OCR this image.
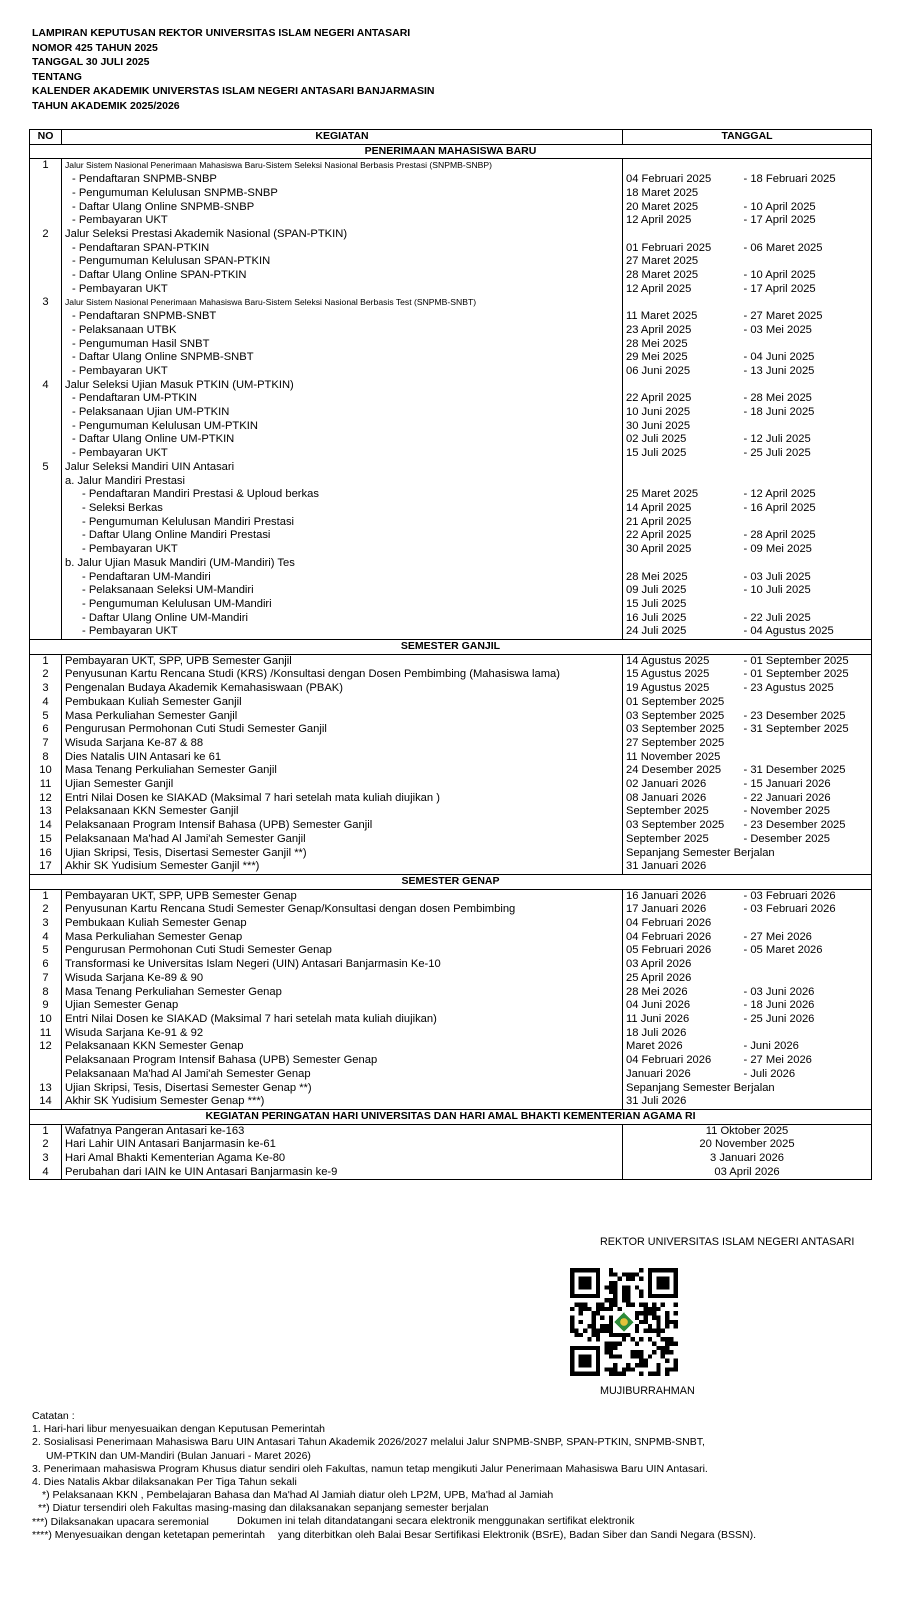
LAMPIRAN KEPUTUSAN REKTOR UNIVERSITAS ISLAM NEGERI ANTASARI
NOMOR 425 TAHUN 2025
TANGGAL 30 JULI 2025
TENTANG
KALENDER AKADEMIK UNIVERSTAS ISLAM NEGERI ANTASARI BANJARMASIN
TAHUN AKADEMIK 2025/2026
NO	KEGIATAN	TANGGAL	
PENERIMAAN MAHASISWA BARU			
1	Jalur Sistem Nasional Penerimaan Mahasiswa Baru-Sistem Seleksi Nasional Berbasis Prestasi (SNPMB-SNBP)		
	- Pendaftaran SNPMB-SNBP	04 Februari 2025	- 18 Februari 2025
	- Pengumuman Kelulusan SNPMB-SNBP	18 Maret 2025	
	- Daftar Ulang Online SNPMB-SNBP	20 Maret 2025	- 10 April 2025
	- Pembayaran UKT	12 April 2025	- 17 April 2025
2	Jalur Seleksi Prestasi Akademik Nasional (SPAN-PTKIN)		
	- Pendaftaran SPAN-PTKIN	01 Februari 2025	- 06 Maret 2025
	- Pengumuman Kelulusan SPAN-PTKIN	27 Maret 2025	
	- Daftar Ulang Online SPAN-PTKIN	28 Maret 2025	- 10 April 2025
	- Pembayaran UKT	12 April 2025	- 17 April 2025
3	Jalur Sistem Nasional Penerimaan Mahasiswa Baru-Sistem Seleksi Nasional Berbasis Test (SNPMB-SNBT)		
	- Pendaftaran SNPMB-SNBT	11 Maret 2025	- 27 Maret 2025
	- Pelaksanaan UTBK	23 April 2025	- 03 Mei 2025
	- Pengumuman Hasil SNBT	28 Mei 2025	
	- Daftar Ulang Online SNPMB-SNBT	29 Mei 2025	- 04 Juni 2025
	- Pembayaran UKT	06 Juni 2025	- 13 Juni 2025
4	Jalur Seleksi Ujian Masuk PTKIN (UM-PTKIN)		
	- Pendaftaran UM-PTKIN	22 April 2025	- 28 Mei 2025
	- Pelaksanaan Ujian UM-PTKIN	10 Juni 2025	- 18 Juni 2025
	- Pengumuman Kelulusan UM-PTKIN	30 Juni 2025	
	- Daftar Ulang Online UM-PTKIN	02 Juli 2025	- 12 Juli 2025
	- Pembayaran UKT	15 Juli 2025	- 25 Juli 2025
5	Jalur Seleksi Mandiri UIN Antasari		
	a. Jalur Mandiri Prestasi		
	- Pendaftaran Mandiri Prestasi & Uploud berkas	25 Maret 2025	- 12 April 2025
	- Seleksi Berkas	14 April 2025	- 16 April 2025
	- Pengumuman Kelulusan Mandiri Prestasi	21 April 2025	
	- Daftar Ulang Online Mandiri Prestasi	22 April 2025	- 28 April 2025
	- Pembayaran UKT	30 April 2025	- 09 Mei 2025
	b. Jalur Ujian Masuk Mandiri (UM-Mandiri) Tes		
	- Pendaftaran UM-Mandiri	28 Mei 2025	- 03 Juli 2025
	- Pelaksanaan Seleksi UM-Mandiri	09 Juli 2025	- 10 Juli 2025
	- Pengumuman Kelulusan UM-Mandiri	15 Juli 2025	
	- Daftar Ulang Online UM-Mandiri	16 Juli 2025	- 22 Juli 2025
	- Pembayaran UKT	24 Juli 2025	- 04 Agustus 2025
SEMESTER GANJIL			
1	Pembayaran UKT, SPP, UPB Semester Ganjil	14 Agustus 2025	- 01 September 2025
2	Penyusunan Kartu Rencana Studi (KRS) /Konsultasi dengan Dosen Pembimbing (Mahasiswa lama)	15 Agustus 2025	- 01 September 2025
3	Pengenalan Budaya Akademik Kemahasiswaan (PBAK)	19 Agustus 2025	- 23 Agustus 2025
4	Pembukaan Kuliah Semester Ganjil	01 September 2025	
5	Masa Perkuliahan Semester Ganjil	03 September 2025	- 23 Desember 2025
6	Pengurusan Permohonan Cuti Studi Semester Ganjil	03 September 2025	- 31 September 2025
7	Wisuda Sarjana Ke-87 & 88	27 September 2025	
8	Dies Natalis UIN Antasari ke 61	11 November 2025	
10	Masa Tenang Perkuliahan Semester Ganjil	24 Desember 2025	- 31 Desember 2025
11	Ujian Semester Ganjil	02 Januari 2026	- 15 Januari 2026
12	Entri Nilai Dosen ke SIAKAD (Maksimal 7 hari setelah mata kuliah diujikan )	08 Januari 2026	- 22 Januari 2026
13	Pelaksanaan KKN Semester Ganjil	September 2025	- November 2025
14	Pelaksanaan Program Intensif Bahasa (UPB) Semester Ganjil	03 September 2025	- 23 Desember 2025
15	Pelaksanaan Ma'had Al Jami'ah Semester Ganjil	September 2025	- Desember 2025
16	Ujian Skripsi, Tesis, Disertasi Semester Ganjil **)	Sepanjang Semester Berjalan	
17	Akhir SK Yudisium Semester Ganjil ***)	31 Januari 2026	
SEMESTER GENAP			
1	Pembayaran UKT, SPP, UPB Semester Genap	16 Januari 2026	- 03 Februari 2026
2	Penyusunan Kartu Rencana Studi Semester Genap/Konsultasi dengan dosen Pembimbing	17 Januari 2026	- 03 Februari 2026
3	Pembukaan Kuliah Semester Genap	04 Februari 2026	
4	Masa Perkuliahan Semester Genap	04 Februari 2026	- 27 Mei 2026
5	Pengurusan Permohonan Cuti Studi Semester Genap	05 Februari 2026	- 05 Maret 2026
6	Transformasi ke Universitas Islam Negeri (UIN) Antasari Banjarmasin Ke-10	03 April 2026	
7	Wisuda Sarjana Ke-89 & 90	25 April 2026	
8	Masa Tenang Perkuliahan Semester Genap	28 Mei 2026	- 03 Juni 2026
9	Ujian Semester Genap	04 Juni 2026	- 18 Juni 2026
10	Entri Nilai Dosen ke SIAKAD (Maksimal 7 hari setelah mata kuliah diujikan)	11 Juni 2026	- 25 Juni 2026
11	Wisuda Sarjana Ke-91 & 92	18 Juli 2026	
12	Pelaksanaan KKN Semester Genap	Maret 2026	- Juni 2026
	Pelaksanaan Program Intensif Bahasa (UPB) Semester Genap	04 Februari 2026	- 27 Mei 2026
	Pelaksanaan Ma'had Al Jami'ah Semester Genap	Januari 2026	- Juli 2026
13	Ujian Skripsi, Tesis, Disertasi Semester Genap **)	Sepanjang Semester Berjalan	
14	Akhir SK Yudisium Semester Genap ***)	31 Juli 2026	
KEGIATAN PERINGATAN HARI UNIVERSITAS DAN HARI AMAL BHAKTI KEMENTERIAN AGAMA RI			
1	Wafatnya Pangeran Antasari ke-163	11 Oktober 2025	
2	Hari Lahir UIN Antasari Banjarmasin ke-61	20 November 2025	
3	Hari Amal Bhakti Kementerian Agama Ke-80	3 Januari 2026	
4	Perubahan dari IAIN ke UIN Antasari Banjarmasin ke-9	03 April 2026	
REKTOR UNIVERSITAS ISLAM NEGERI ANTASARI
MUJIBURRAHMAN
Catatan :
1. Hari-hari libur menyesuaikan dengan Keputusan Pemerintah
2. Sosialisasi Penerimaan Mahasiswa Baru UIN Antasari Tahun Akademik 2026/2027 melalui Jalur SNPMB-SNBP, SPAN-PTKIN, SNPMB-SNBT,
UM-PTKIN dan UM-Mandiri (Bulan Januari - Maret 2026)
3. Penerimaan mahasiswa Program Khusus diatur sendiri oleh Fakultas, namun tetap mengikuti Jalur Penerimaan Mahasiswa Baru UIN Antasari.
4. Dies Natalis Akbar dilaksanakan Per Tiga Tahun sekali
*) Pelaksanaan KKN , Pembelajaran Bahasa dan Ma'had Al Jamiah diatur oleh LP2M, UPB, Ma'had al Jamiah
**) Diatur tersendiri oleh Fakultas masing-masing dan dilaksanakan sepanjang semester berjalan
***) Dilaksanakan upacara seremonial
****) Menyesuaikan dengan ketetapan pemerintah
Dokumen ini telah ditandatangani secara elektronik menggunakan sertifikat elektronik
yang diterbitkan oleh Balai Besar Sertifikasi Elektronik (BSrE), Badan Siber dan Sandi Negara (BSSN).
